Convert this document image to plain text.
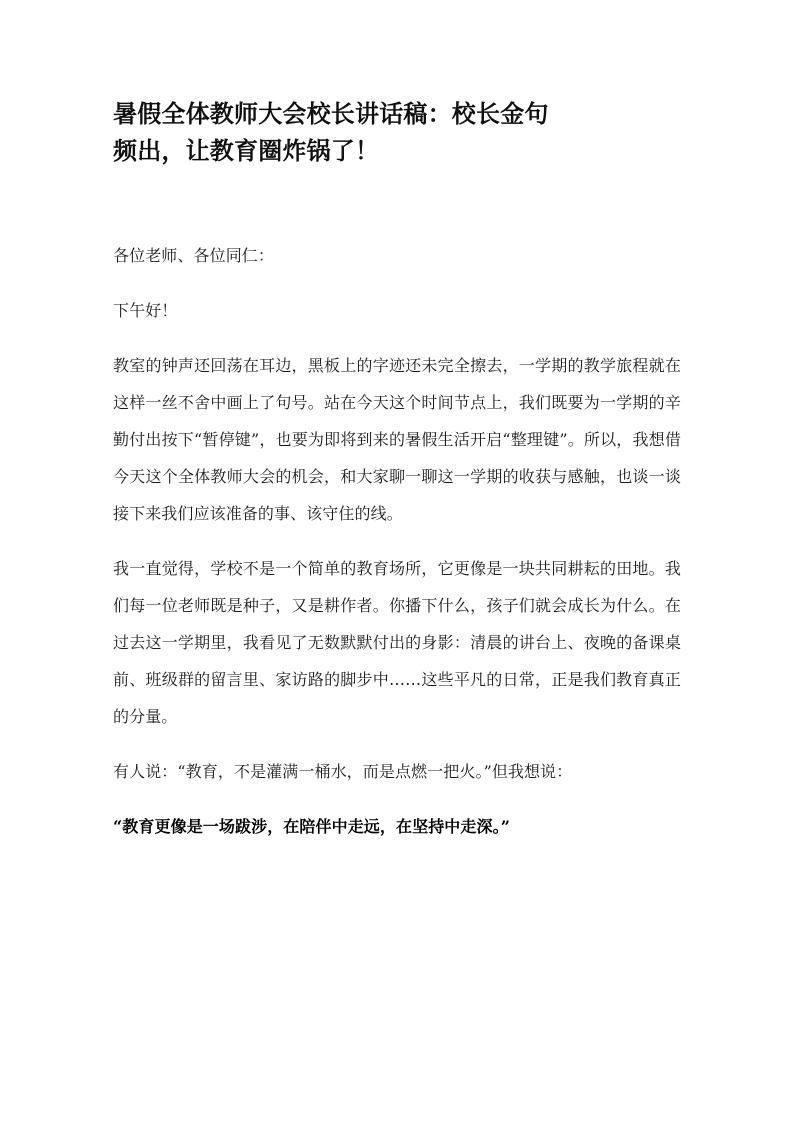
暑假全体教师大会校长讲话稿：校长金句
频出，让教育圈炸锅了！

各位老师、各位同仁：

下午好！

教室的钟声还回荡在耳边，黑板上的字迹还未完全擦去，一学期的教学旅程就在这样一丝不舍中画上了句号。站在今天这个时间节点上，我们既要为一学期的辛勤付出按下“暂停键”，也要为即将到来的暑假生活开启“整理键”。所以，我想借今天这个全体教师大会的机会，和大家聊一聊这一学期的收获与感触，也谈一谈接下来我们应该准备的事、该守住的线。

我一直觉得，学校不是一个简单的教育场所，它更像是一块共同耕耘的田地。我们每一位老师既是种子，又是耕作者。你播下什么，孩子们就会成长为什么。在过去这一学期里，我看见了无数默默付出的身影：清晨的讲台上、夜晚的备课桌前、班级群的留言里、家访路的脚步中……这些平凡的日常，正是我们教育真正的分量。

有人说：“教育，不是灌满一桶水，而是点燃一把火。”但我想说：

“教育更像是一场跋涉，在陪伴中走远，在坚持中走深。”
